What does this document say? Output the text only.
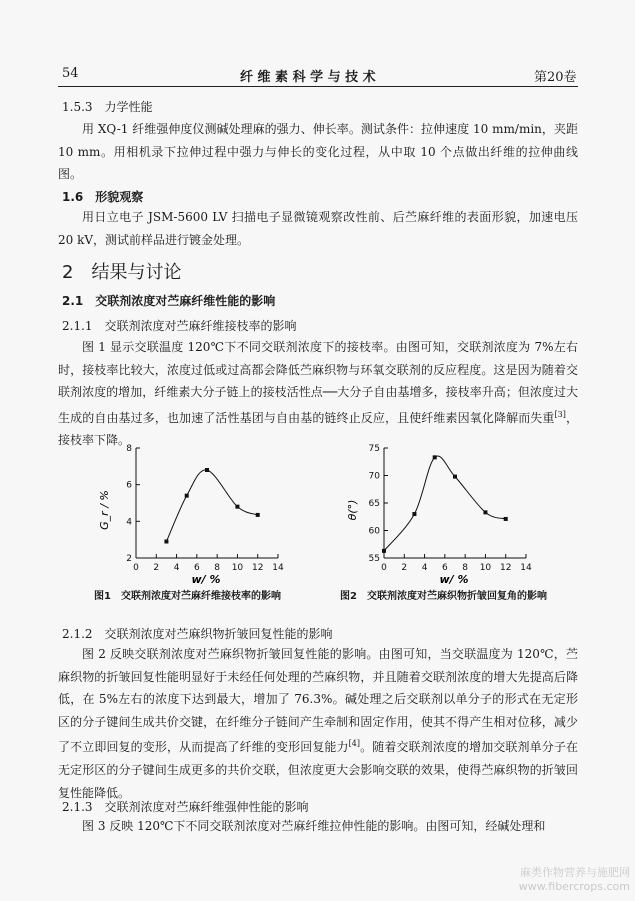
54	纤 维 素 科 学 与 技 术	第20卷
1.5.3　力学性能

用 XQ-1 纤维强伸度仪测碱处理麻的强力、伸长率。测试条件：拉伸速度 10 mm/min，夹距 10 mm。用相机录下拉伸过程中强力与伸长的变化过程，从中取 10 个点做出纤维的拉伸曲线图。

1.6　形貌观察

用日立电子 JSM-5600 LV 扫描电子显微镜观察改性前、后苎麻纤维的表面形貌，加速电压 20 kV，测试前样品进行镀金处理。

2　结果与讨论
2.1　交联剂浓度对苎麻纤维性能的影响
2.1.1　交联剂浓度对苎麻纤维接枝率的影响

图 1 显示交联温度 120℃下不同交联剂浓度下的接枝率。由图可知，交联剂浓度为 7%左右时，接枝率比较大，浓度过低或过高都会降低苎麻织物与环氧交联剂的反应程度。这是因为随着交联剂浓度的增加，纤维素大分子链上的接枝活性点──大分子自由基增多，接枝率升高；但浓度过大生成的自由基过多，也加速了活性基团与自由基的链终止反应，且使纤维素因氧化降解而失重[3]，接枝率下降。

0 2 4 6 8 10 12 14
2
4
6
8
G_r / %
w/ %
图1　交联剂浓度对苎麻纤维接枝率的影响
0 2 4 6 8 10 12 14
55
60
65
70
75
θ(°)
w/ %
图2　交联剂浓度对苎麻织物折皱回复角的影响
2.1.2　交联剂浓度对苎麻织物折皱回复性能的影响

图 2 反映交联剂浓度对苎麻织物折皱回复性能的影响。由图可知，当交联温度为 120℃，苎麻织物的折皱回复性能明显好于未经任何处理的苎麻织物，并且随着交联剂浓度的增大先提高后降低，在 5%左右的浓度下达到最大，增加了 76.3%。碱处理之后交联剂以单分子的形式在无定形区的分子键间生成共价交键，在纤维分子链间产生牵制和固定作用，使其不得产生相对位移，减少了不立即回复的变形，从而提高了纤维的变形回复能力[4]。随着交联剂浓度的增加交联剂单分子在无定形区的分子键间生成更多的共价交联，但浓度更大会影响交联的效果，使得苎麻织物的折皱回复性能降低。

2.1.3　交联剂浓度对苎麻纤维强伸性能的影响

图 3 反映 120℃下不同交联剂浓度对苎麻纤维拉伸性能的影响。由图可知，经碱处理和

麻类作物营养与施肥网
www.fibercrops.com
